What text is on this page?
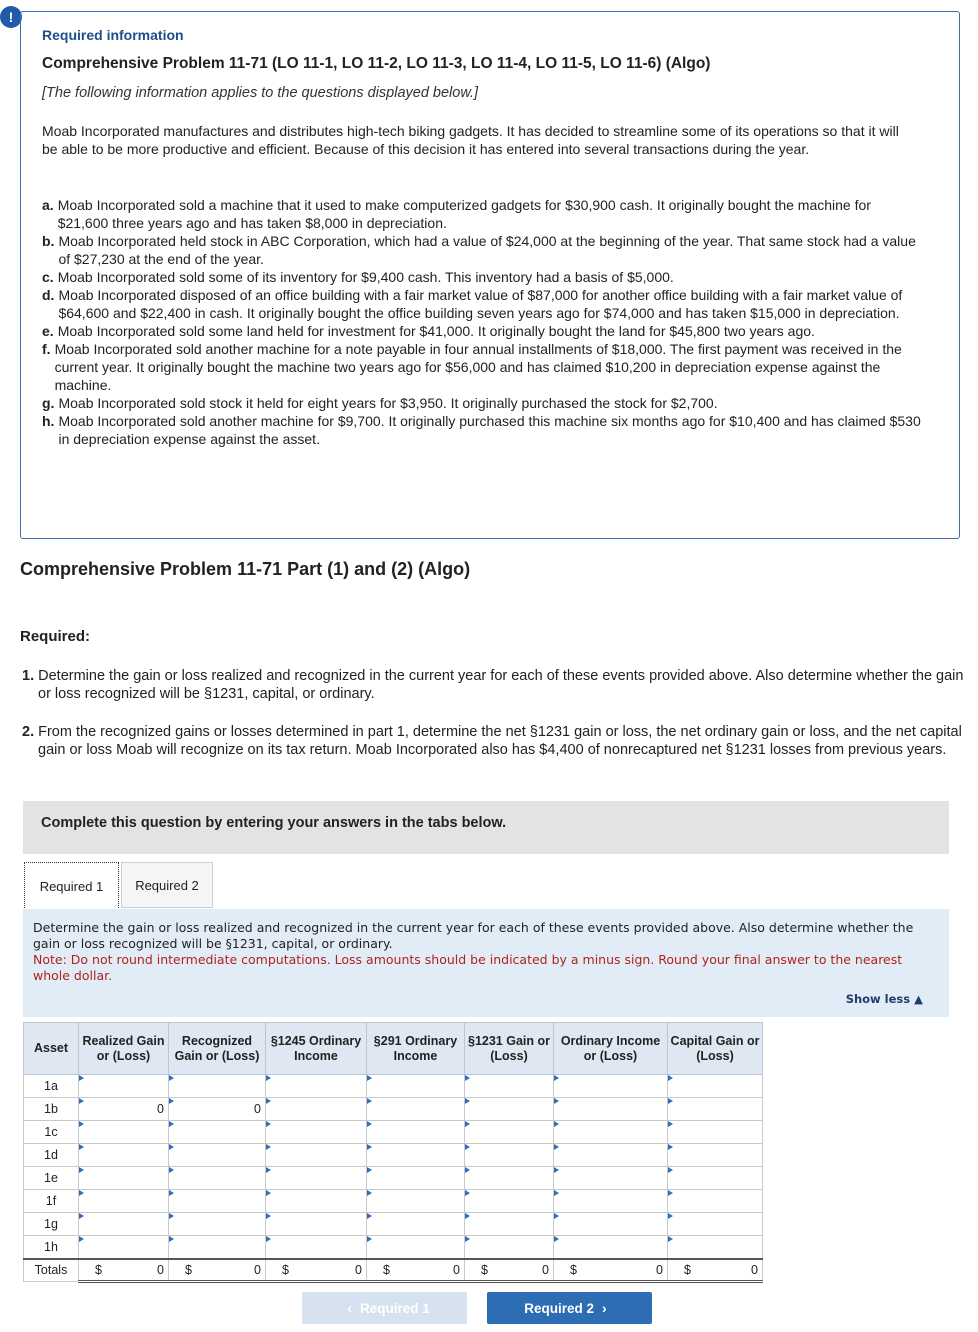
!
Required information
Comprehensive Problem 11-71 (LO 11-1, LO 11-2, LO 11-3, LO 11-4, LO 11-5, LO 11-6) (Algo)
[The following information applies to the questions displayed below.]
Moab Incorporated manufactures and distributes high-tech biking gadgets. It has decided to streamline some of its operations so that it will be able to be more productive and efficient. Because of this decision it has entered into several transactions during the year.
a. Moab Incorporated sold a machine that it used to make computerized gadgets for $30,900 cash. It originally bought the machine for $21,600 three years ago and has taken $8,000 in depreciation.
b. Moab Incorporated held stock in ABC Corporation, which had a value of $24,000 at the beginning of the year. That same stock had a value of $27,230 at the end of the year.
c. Moab Incorporated sold some of its inventory for $9,400 cash. This inventory had a basis of $5,000.
d. Moab Incorporated disposed of an office building with a fair market value of $87,000 for another office building with a fair market value of $64,600 and $22,400 in cash. It originally bought the office building seven years ago for $74,000 and has taken $15,000 in depreciation.
e. Moab Incorporated sold some land held for investment for $41,000. It originally bought the land for $45,800 two years ago.
f. Moab Incorporated sold another machine for a note payable in four annual installments of $18,000. The first payment was received in the current year. It originally bought the machine two years ago for $56,000 and has claimed $10,200 in depreciation expense against the machine.
g. Moab Incorporated sold stock it held for eight years for $3,950. It originally purchased the stock for $2,700.
h. Moab Incorporated sold another machine for $9,700. It originally purchased this machine six months ago for $10,400 and has claimed $530 in depreciation expense against the asset.
Comprehensive Problem 11-71 Part (1) and (2) (Algo)
Required:
1. Determine the gain or loss realized and recognized in the current year for each of these events provided above. Also determine whether the gain or loss recognized will be §1231, capital, or ordinary.
2. From the recognized gains or losses determined in part 1, determine the net §1231 gain or loss, the net ordinary gain or loss, and the net capital gain or loss Moab will recognize on its tax return. Moab Incorporated also has $4,400 of nonrecaptured net §1231 losses from previous years.
Complete this question by entering your answers in the tabs below.
Required 1	Required 2
Determine the gain or loss realized and recognized in the current year for each of these events provided above. Also determine whether the gain or loss recognized will be §1231, capital, or ordinary.
Note: Do not round intermediate computations. Loss amounts should be indicated by a minus sign. Round your final answer to the nearest whole dollar.
Show less ▲
Asset	Realized Gain or (Loss)	Recognized Gain or (Loss)	§1245 Ordinary Income	§291 Ordinary Income	§1231 Gain or (Loss)	Ordinary Income or (Loss)	Capital Gain or (Loss)
1a							
1b	0	0					
1c							
1d							
1e							
1f							
1g							
1h							
Totals	$ 0	$ 0	$ 0	$ 0	$ 0	$ 0	$ 0
‹ Required 1	Required 2 ›
